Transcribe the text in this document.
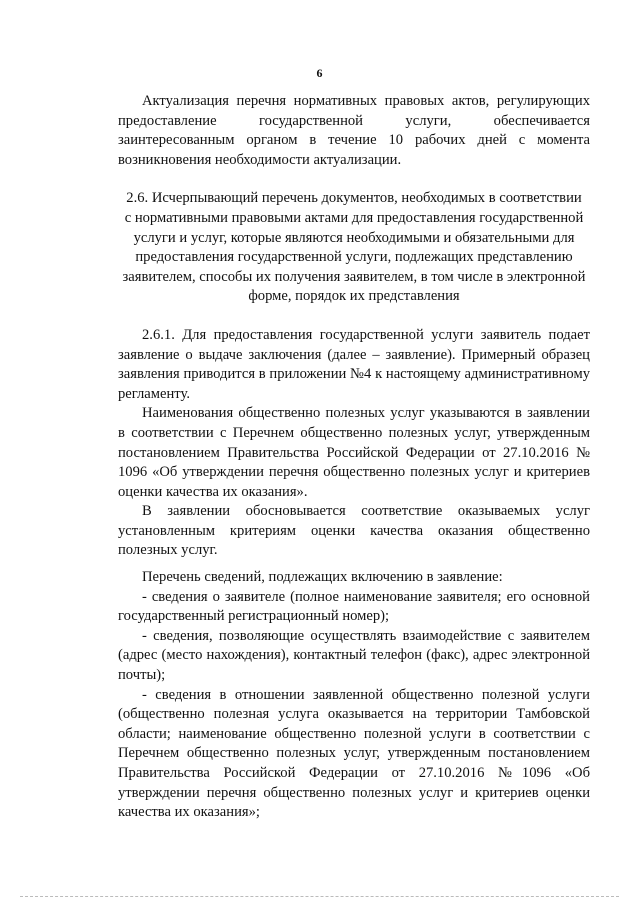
6

Актуализация перечня нормативных правовых актов, регулирующих предоставление государственной услуги, обеспечивается заинтересованным органом в течение 10 рабочих дней с момента возникновения необходимости актуализации.

2.6. Исчерпывающий перечень документов, необходимых в соответствии с нормативными правовыми актами для предоставления государственной услуги и услуг, которые являются необходимыми и обязательными для предоставления государственной услуги, подлежащих представлению заявителем, способы их получения заявителем, в том числе в электронной форме, порядок их представления

2.6.1. Для предоставления государственной услуги заявитель подает заявление о выдаче заключения (далее – заявление). Примерный образец заявления приводится в приложении №4 к настоящему административному регламенту.

Наименования общественно полезных услуг указываются в заявлении в соответствии с Перечнем общественно полезных услуг, утвержденным постановлением Правительства Российской Федерации от 27.10.2016 № 1096 «Об утверждении перечня общественно полезных услуг и критериев оценки качества их оказания».

В заявлении обосновывается соответствие оказываемых услуг установленным критериям оценки качества оказания общественно полезных услуг.

Перечень сведений, подлежащих включению в заявление:

- сведения о заявителе (полное наименование заявителя; его основной государственный регистрационный номер);

- сведения, позволяющие осуществлять взаимодействие с заявителем (адрес (место нахождения), контактный телефон (факс), адрес электронной почты);

- сведения в отношении заявленной общественно полезной услуги (общественно полезная услуга оказывается на территории Тамбовской области; наименование общественно полезной услуги в соответствии с Перечнем общественно полезных услуг, утвержденным постановлением Правительства Российской Федерации от 27.10.2016 №1096 «Об утверждении перечня общественно полезных услуг и критериев оценки качества их оказания»;
